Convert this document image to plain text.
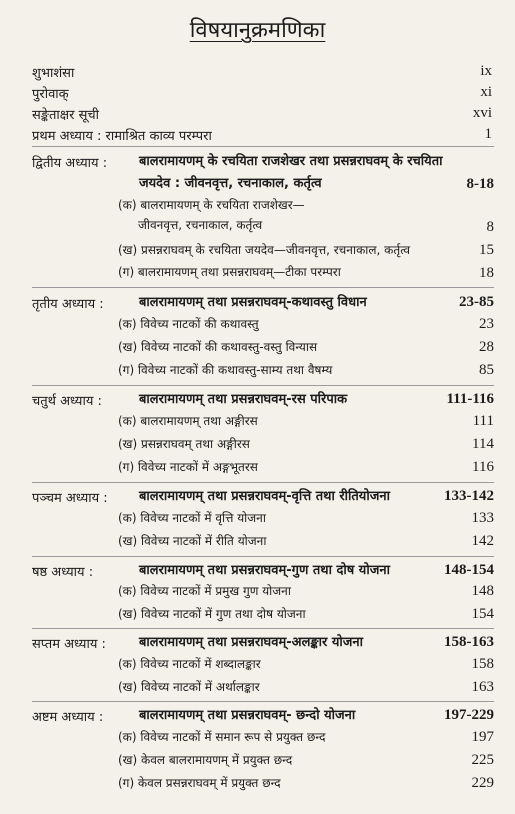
विषयानुक्रमणिका
शुभाशंसा	ix
पुरोवाक्	xi
सङ्केताक्षर सूची	xvi
प्रथम अध्याय : रामाश्रित काव्य परम्परा	1
द्वितीय अध्याय : बालरामायणम् के रचयिता राजशेखर तथा प्रसन्नराघवम् के रचयिता जयदेव : जीवनवृत्त, रचनाकाल, कर्तृत्व	8-18
(क) बालरामायणम् के रचयिता राजशेखर—
जीवनवृत्त, रचनाकाल, कर्तृत्व	8
(ख) प्रसन्नराघवम् के रचयिता जयदेव—जीवनवृत्त, रचनाकाल, कर्तृत्व	15
(ग) बालरामायणम् तथा प्रसन्नराघवम्—टीका परम्परा	18
तृतीय अध्याय :	बालरामायणम् तथा प्रसन्नराघवम्-कथावस्तु विधान	23-85
(क) विवेच्य नाटकों की कथावस्तु	23
(ख) विवेच्य नाटकों की कथावस्तु-वस्तु विन्यास	28
(ग) विवेच्य नाटकों की कथावस्तु-साम्य तथा वैषम्य	85
चतुर्थ अध्याय :	बालरामायणम् तथा प्रसन्नराघवम्-रस परिपाक	111-116
(क) बालरामायणम् तथा अङ्गीरस	111
(ख) प्रसन्नराघवम् तथा अङ्गीरस	114
(ग) विवेच्य नाटकों में अङ्गभूतरस	116
पञ्चम अध्याय : बालरामायणम् तथा प्रसन्नराघवम्-वृत्ति तथा रीतियोजना	133-142
(क) विवेच्य नाटकों में वृत्ति योजना	133
(ख) विवेच्य नाटकों में रीति योजना	142
षष्ठ अध्याय :	बालरामायणम् तथा प्रसन्नराघवम्-गुण तथा दोष योजना	148-154
(क) विवेच्य नाटकों में प्रमुख गुण योजना	148
(ख) विवेच्य नाटकों में गुण तथा दोष योजना	154
सप्तम अध्याय :	बालरामायणम् तथा प्रसन्नराघवम्-अलङ्कार योजना	158-163
(क) विवेच्य नाटकों में शब्दालङ्कार	158
(ख) विवेच्य नाटकों में अर्थालङ्कार	163
अष्टम अध्याय :	बालरामायणम् तथा प्रसन्नराघवम्- छन्दो योजना	197-229
(क) विवेच्य नाटकों में समान रूप से प्रयुक्त छन्द	197
(ख) केवल बालरामायणम् में प्रयुक्त छन्द	225
(ग) केवल प्रसन्नराघवम् में प्रयुक्त छन्द	229
